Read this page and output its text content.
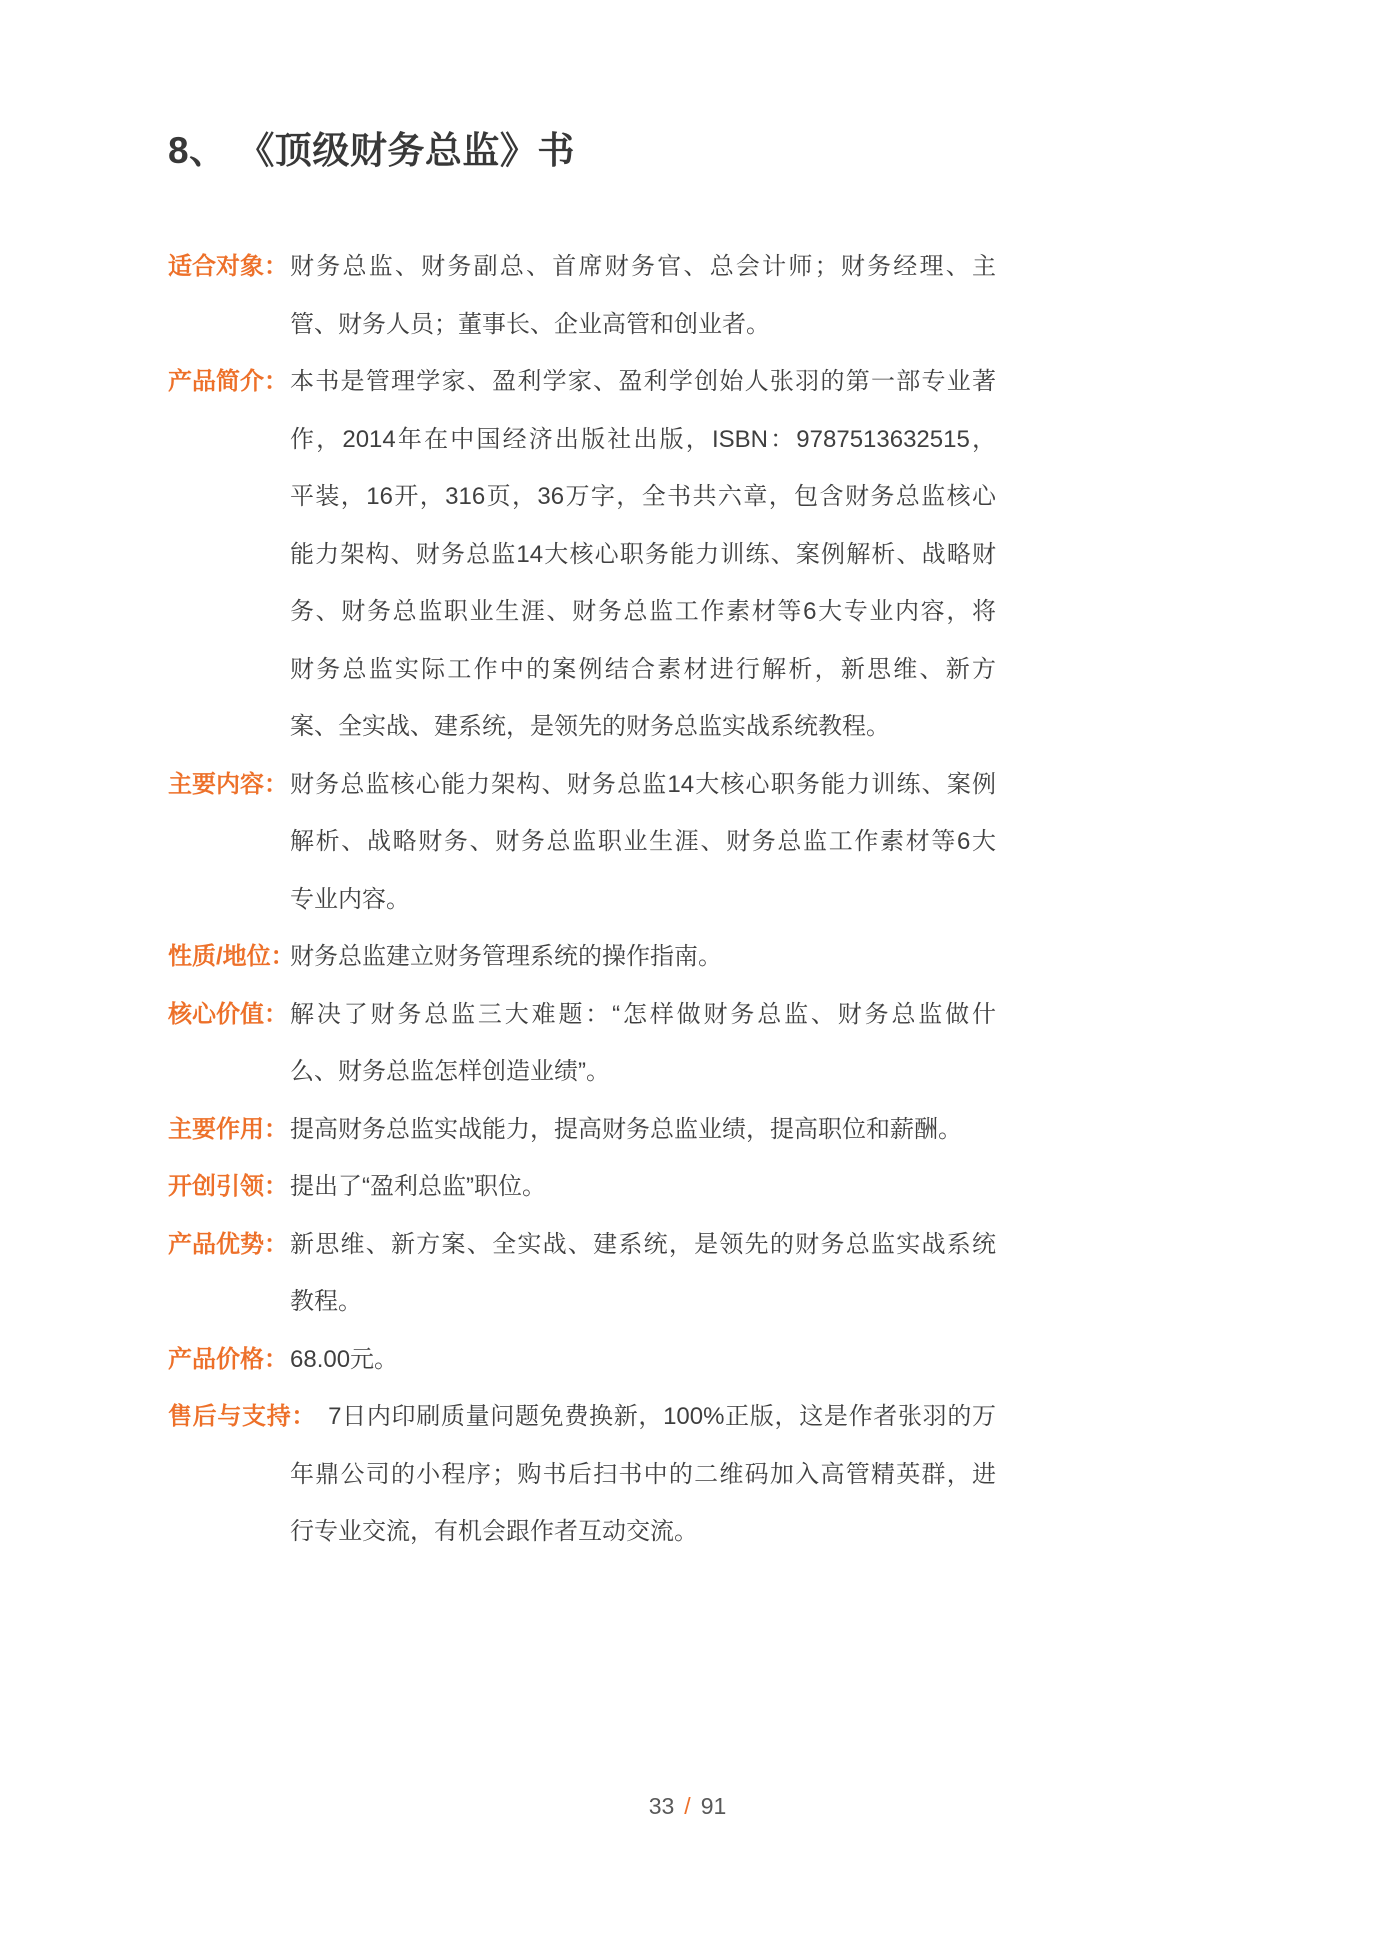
8、 《顶级财务总监》书
适合对象： 财务总监、财务副总、首席财务官、总会计师；财务经理、主
管、财务人员；董事长、企业高管和创业者。
产品简介： 本书是管理学家、盈利学家、盈利学创始人张羽的第一部专业著
作，2014年在中国经济出版社出版，ISBN：9787513632515，
平装，16开，316页，36万字，全书共六章，包含财务总监核心
能力架构、财务总监14大核心职务能力训练、案例解析、战略财
务、财务总监职业生涯、财务总监工作素材等6大专业内容，将
财务总监实际工作中的案例结合素材进行解析，新思维、新方
案、全实战、建系统，是领先的财务总监实战系统教程。
主要内容： 财务总监核心能力架构、财务总监14大核心职务能力训练、案例
解析、战略财务、财务总监职业生涯、财务总监工作素材等6大
专业内容。
性质/地位：
财务总监建立财务管理系统的操作指南。
核心价值： 解决了财务总监三大难题：“怎样做财务总监、财务总监做什
么、财务总监怎样创造业绩”。
主要作用： 提高财务总监实战能力，提高财务总监业绩，提高职位和薪酬。
开创引领： 提出了“盈利总监”职位。
产品优势： 新思维、新方案、全实战、建系统，是领先的财务总监实战系统
教程。
产品价格： 68.00元。
售后与支持： 7日内印刷质量问题免费换新，100%正版，这是作者张羽的万
年鼎公司的小程序；购书后扫书中的二维码加入高管精英群，进
行专业交流，有机会跟作者互动交流。
33 / 91
